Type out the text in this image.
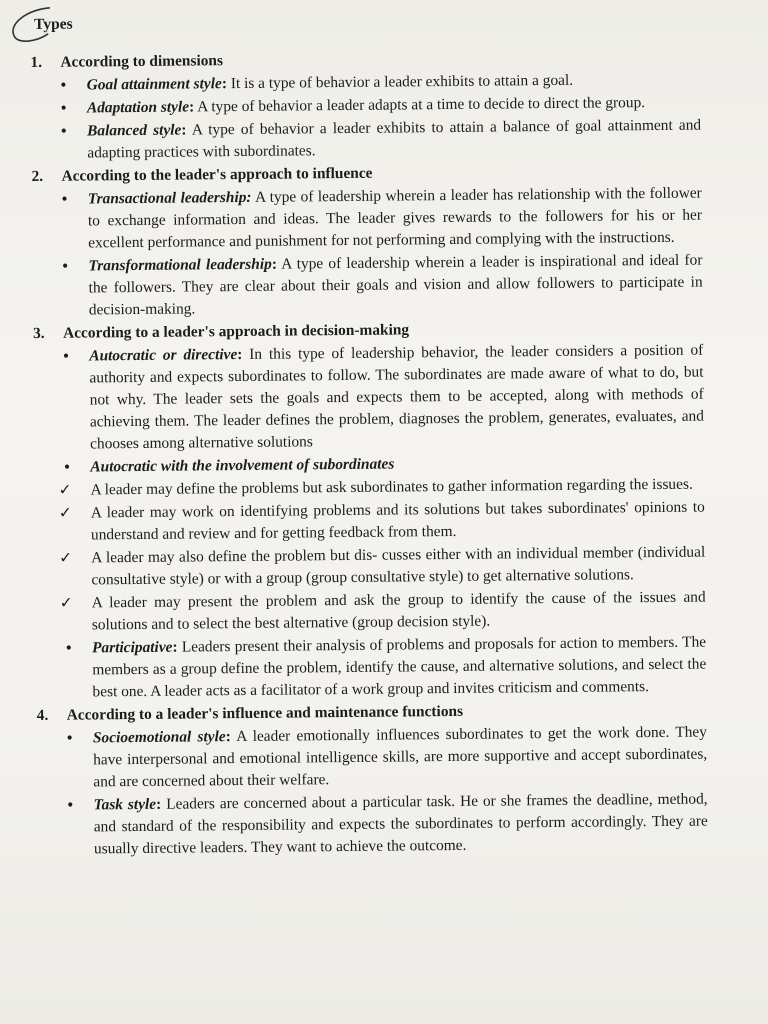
Types
1. According to dimensions
• Goal attainment style: It is a type of behavior a leader exhibits to attain a goal.
• Adaptation style: A type of behavior a leader adapts at a time to decide to direct the group.
• Balanced style: A type of behavior a leader exhibits to attain a balance of goal attainment and adapting practices with subordinates.
2. According to the leader's approach to influence
• Transactional leadership: A type of leadership wherein a leader has relationship with the follower to exchange information and ideas. The leader gives rewards to the followers for his or her excellent performance and punishment for not performing and complying with the instructions.
• Transformational leadership: A type of leadership wherein a leader is inspirational and ideal for the followers. They are clear about their goals and vision and allow followers to participate in decision-making.
3. According to a leader's approach in decision-making
• Autocratic or directive: In this type of leadership behavior, the leader considers a position of authority and expects subordinates to follow. The subordinates are made aware of what to do, but not why. The leader sets the goals and expects them to be accepted, along with methods of achieving them. The leader defines the problem, diagnoses the problem, generates, evaluates, and chooses among alternative solutions
• Autocratic with the involvement of subordinates
✓ A leader may define the problems but ask subordinates to gather information regarding the issues.
✓ A leader may work on identifying problems and its solutions but takes subordinates' opinions to understand and review and for getting feedback from them.
✓ A leader may also define the problem but dis- cusses either with an individual member (individual consultative style) or with a group (group consultative style) to get alternative solutions.
✓ A leader may present the problem and ask the group to identify the cause of the issues and solutions and to select the best alternative (group decision style).
• Participative: Leaders present their analysis of problems and proposals for action to members. The members as a group define the problem, identify the cause, and alternative solutions, and select the best one. A leader acts as a facilitator of a work group and invites criticism and comments.
4. According to a leader's influence and maintenance functions
• Socioemotional style: A leader emotionally influences subordinates to get the work done. They have interpersonal and emotional intelligence skills, are more supportive and accept subordinates, and are concerned about their welfare.
• Task style: Leaders are concerned about a particular task. He or she frames the deadline, method, and standard of the responsibility and expects the subordinates to perform accordingly. They are usually directive leaders. They want to achieve the outcome.
